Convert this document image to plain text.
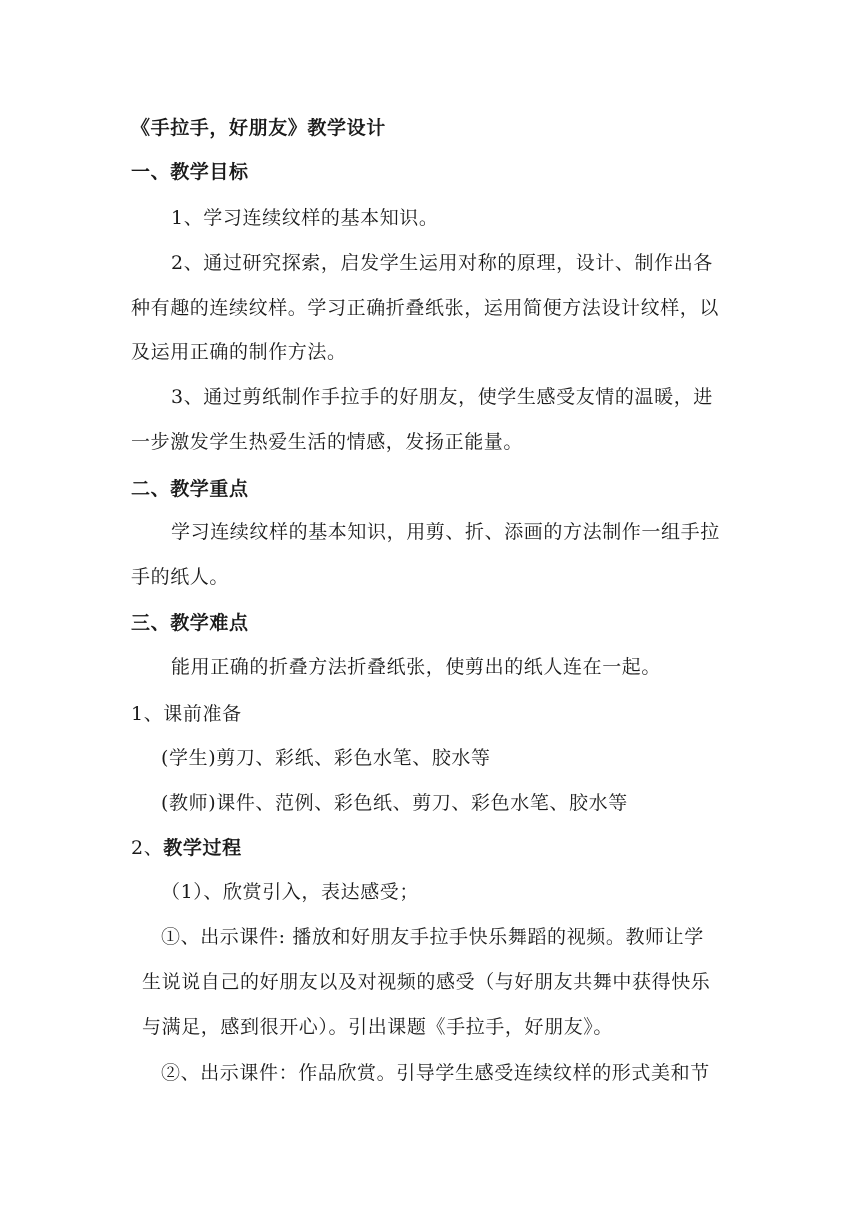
《手拉手，好朋友》教学设计
一、教学目标
1、学习连续纹样的基本知识。
2、通过研究探索，启发学生运用对称的原理，设计、制作出各
种有趣的连续纹样。学习正确折叠纸张，运用简便方法设计纹样，以
及运用正确的制作方法。
3、通过剪纸制作手拉手的好朋友，使学生感受友情的温暖，进
一步激发学生热爱生活的情感，发扬正能量。
二、教学重点
学习连续纹样的基本知识，用剪、折、添画的方法制作一组手拉
手的纸人。
三、教学难点
能用正确的折叠方法折叠纸张，使剪出的纸人连在一起。
1、课前准备
(学生)剪刀、彩纸、彩色水笔、胶水等
(教师)课件、范例、彩色纸、剪刀、彩色水笔、胶水等
2、教学过程
（1）、欣赏引入，表达感受；
①、出示课件: 播放和好朋友手拉手快乐舞蹈的视频。教师让学
生说说自己的好朋友以及对视频的感受（与好朋友共舞中获得快乐
与满足，感到很开心）。引出课题《手拉手，好朋友》。
②、出示课件：作品欣赏。引导学生感受连续纹样的形式美和节
